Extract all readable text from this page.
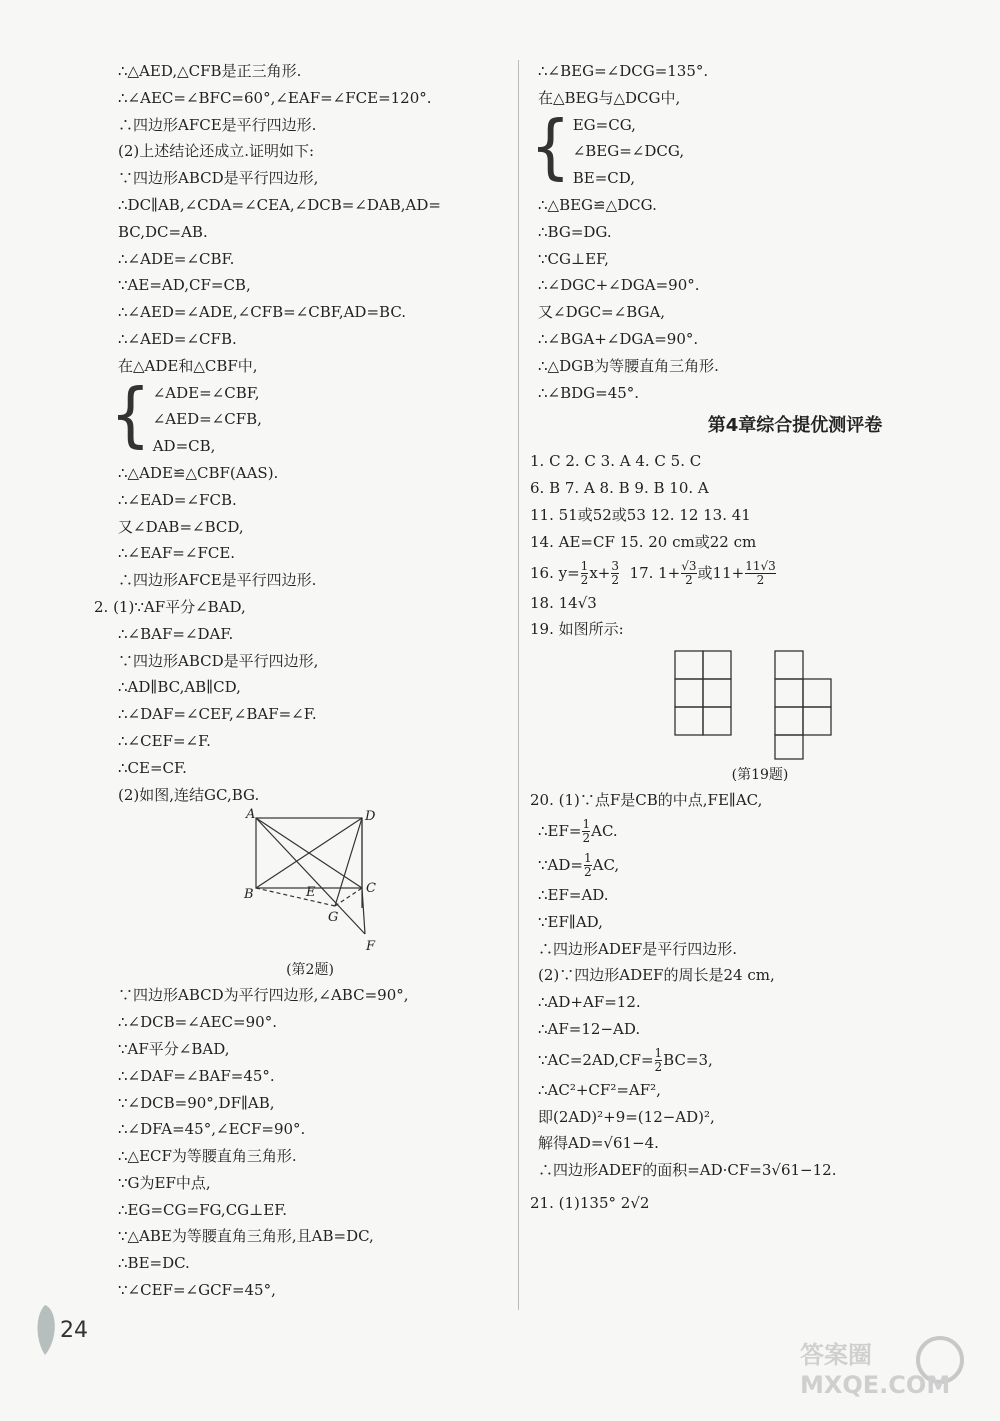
∴△AED,△CFB是正三角形.
∴∠AEC=∠BFC=60°,∠EAF=∠FCE=120°.
∴四边形AFCE是平行四边形.
(2)上述结论还成立.证明如下:
∵四边形ABCD是平行四边形,
∴DC∥AB,∠CDA=∠CEA,∠DCB=∠DAB,AD=
BC,DC=AB.
∴∠ADE=∠CBF.
∵AE=AD,CF=CB,
∴∠AED=∠ADE,∠CFB=∠CBF,AD=BC.
∴∠AED=∠CFB.
在△ADE和△CBF中,
{ ∠ADE=∠CBF,
∠AED=∠CFB,
AD=CB,
∴△ADE≌△CBF(AAS).
∴∠EAD=∠FCB.
又∠DAB=∠BCD,
∴∠EAF=∠FCE.
∴四边形AFCE是平行四边形.
2. (1)∵AF平分∠BAD,
∴∠BAF=∠DAF.
∵四边形ABCD是平行四边形,
∴AD∥BC,AB∥CD,
∴∠DAF=∠CEF,∠BAF=∠F.
∴∠CEF=∠F.
∴CE=CF.
(2)如图,连结GC,BG.
A	D
B	C
E
G
F
(第2题)
∵四边形ABCD为平行四边形,∠ABC=90°,
∴∠DCB=∠AEC=90°.
∵AF平分∠BAD,
∴∠DAF=∠BAF=45°.
∵∠DCB=90°,DF∥AB,
∴∠DFA=45°,∠ECF=90°.
∴△ECF为等腰直角三角形.
∵G为EF中点,
∴EG=CG=FG,CG⊥EF.
∵△ABE为等腰直角三角形,且AB=DC,
∴BE=DC.
∵∠CEF=∠GCF=45°,
∴∠BEG=∠DCG=135°.
在△BEG与△DCG中,
{ EG=CG,
∠BEG=∠DCG,
BE=CD,
∴△BEG≌△DCG.
∴BG=DG.
∵CG⊥EF,
∴∠DGC+∠DGA=90°.
又∠DGC=∠BGA,
∴∠BGA+∠DGA=90°.
∴△DGB为等腰直角三角形.
∴∠BDG=45°.
第4章综合提优测评卷
1. C 2. C 3. A 4. C 5. C
6. B 7. A 8. B 9. B 10. A
11. 51或52或53 12. 12 13. 41
14. AE=CF 15. 20 cm或22 cm
16. $y= \frac{1}{2} x+ \frac{3}{2} 17$. $1+ \frac{√3}{2}$ 或$11+ \frac{11√3}{2}$
18. 14√3
19. 如图所示:
(第19题)
20. (1)∵点F是CB的中点,FE∥AC,
∴EF= $\frac{1}{2}$ AC.
∵AD= $\frac{1}{2}$ AC,
∴EF=AD.
∵EF∥AD,
∴四边形ADEF是平行四边形.
(2)∵四边形ADEF的周长是24 cm,
∴AD+AF=12.
∴AF=12−AD.
∵AC=2AD,CF= $\frac{1}{2} BC=3$,
∴AC²+CF²=AF²,
即(2AD)²+9=(12−AD)²,
解得AD=√61−4.
∴四边形ADEF的面积=AD·CF=3√61−12.
21. (1)135° 2√2
24
答案圈 MXQE.COM
